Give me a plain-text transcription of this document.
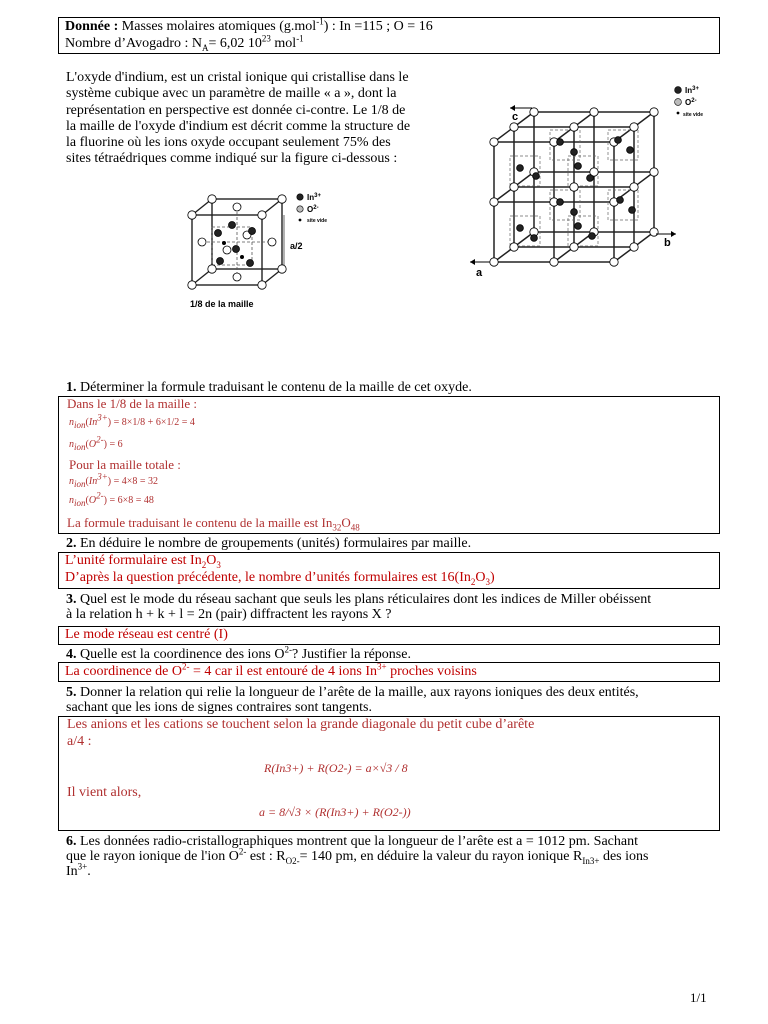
Donnée : Masses molaires atomiques (g.mol$^{-1}$) : In =115 ; O = 16
Nombre d’Avogadro : $N_A= 6,02$ $10^{23}$ mol$^{-1}$
L'oxyde d'indium, est un cristal ionique qui cristallise dans le
système cubique avec un paramètre de maille « a », dont la
représentation en perspective est donnée ci-contre. Le 1/8 de
la maille de l'oxyde d'indium est décrit comme la structure de
la fluorine où les ions oxyde occupant seulement 75% des
sites tétraédriques comme indiqué sur la figure ci-dessous :
$In^{3+}$
$O^{2-}$
site vide
a/2
1/8 de la maille
$In^{3+}$
$O^{2-}$
site vide
c
b
a
1. Déterminer la formule traduisant le contenu de la maille de cet oxyde.
Dans le 1/8 de la maille :
$n_{ion}(In^{3+}) = 8\times 1/8 + 6\times 1/2 = 4$
$n_{ion}(O^{2-}) = 6$
Pour la maille totale :
$n_{ion}(In^{3+}) = 4\times 8 = 32$
$n_{ion}(O^{2-}) = 6\times 8 = 48$
La formule traduisant le contenu de la maille est $In_{32}O_{48}$
2. En déduire le nombre de groupements (unités) formulaires par maille.
L’unité formulaire est $In_2O_3$
D’après la question précédente, le nombre d’unités formulaires est $16(In_2O_3)$
3. Quel est le mode du réseau sachant que seuls les plans réticulaires dont les indices de Miller obéissent
à la relation h + k + l = 2n (pair) diffractent les rayons X ?
Le mode réseau est centré (I)
4. Quelle est la coordinence des ions $O^{2-}$? Justifier la réponse.
La coordinence de $O^{2-} = 4$ car il est entouré de 4 ions $In^{3+}$ proches voisins
5. Donner la relation qui relie la longueur de l’arête de la maille, aux rayons ioniques des deux entités,
sachant que les ions de signes contraires sont tangents.
Les anions et les cations se touchent selon la grande diagonale du petit cube d’arête
a/4 :
R(In3+) + R(O2-) = a×√3 / 8
Il vient alors,
a = 8/√3 × (R(In3+) + R(O2-))
6. Les données radio-cristallographiques montrent que la longueur de l’arête est a = 1012 pm. Sachant
que le rayon ionique de l'ion $O^{2-}$ est : $R_{O2-}= 140$ pm, en déduire la valeur du rayon ionique $R_{In3+}$ des ions
$In^{3+}$.
1/1
